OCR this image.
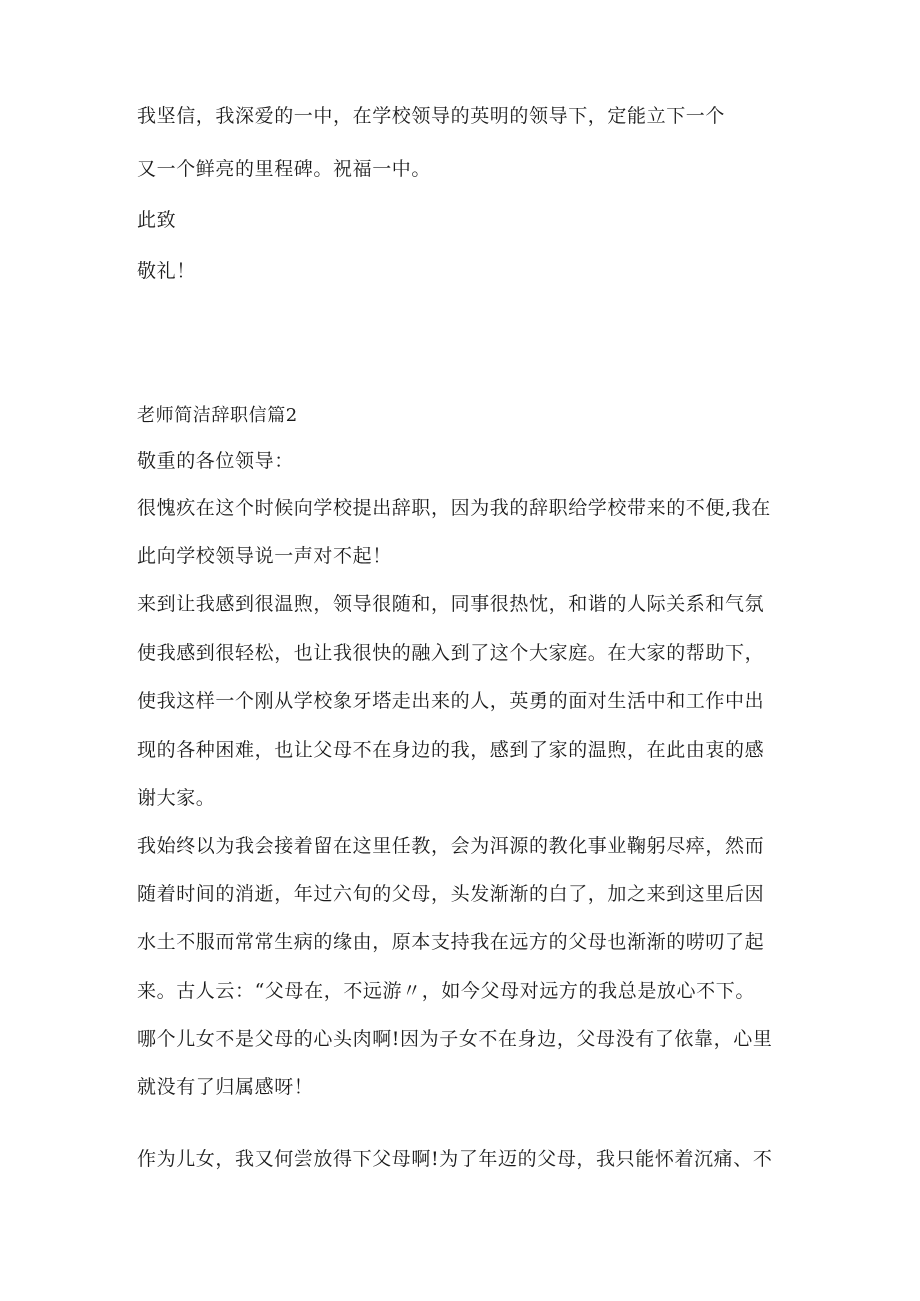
我坚信，我深爱的一中，在学校领导的英明的领导下，定能立下一个

又一个鲜亮的里程碑。祝福一中。

此致

敬礼！

老师简洁辞职信篇2

敬重的各位领导：

很愧疚在这个时候向学校提出辞职，因为我的辞职给学校带来的不便,我在

此向学校领导说一声对不起！

来到让我感到很温煦，领导很随和，同事很热忱，和谐的人际关系和气氛

使我感到很轻松，也让我很快的融入到了这个大家庭。在大家的帮助下，

使我这样一个刚从学校象牙塔走出来的人，英勇的面对生活中和工作中出

现的各种困难，也让父母不在身边的我，感到了家的温煦，在此由衷的感

谢大家。

我始终以为我会接着留在这里任教，会为洱源的教化事业鞠躬尽瘁，然而

随着时间的消逝，年过六旬的父母，头发渐渐的白了，加之来到这里后因

水土不服而常常生病的缘由，原本支持我在远方的父母也渐渐的唠叨了起

来。古人云：“父母在，不远游〃，如今父母对远方的我总是放心不下。

哪个儿女不是父母的心头肉啊!因为子女不在身边，父母没有了依靠，心里

就没有了归属感呀！

作为儿女，我又何尝放得下父母啊!为了年迈的父母，我只能怀着沉痛、不
